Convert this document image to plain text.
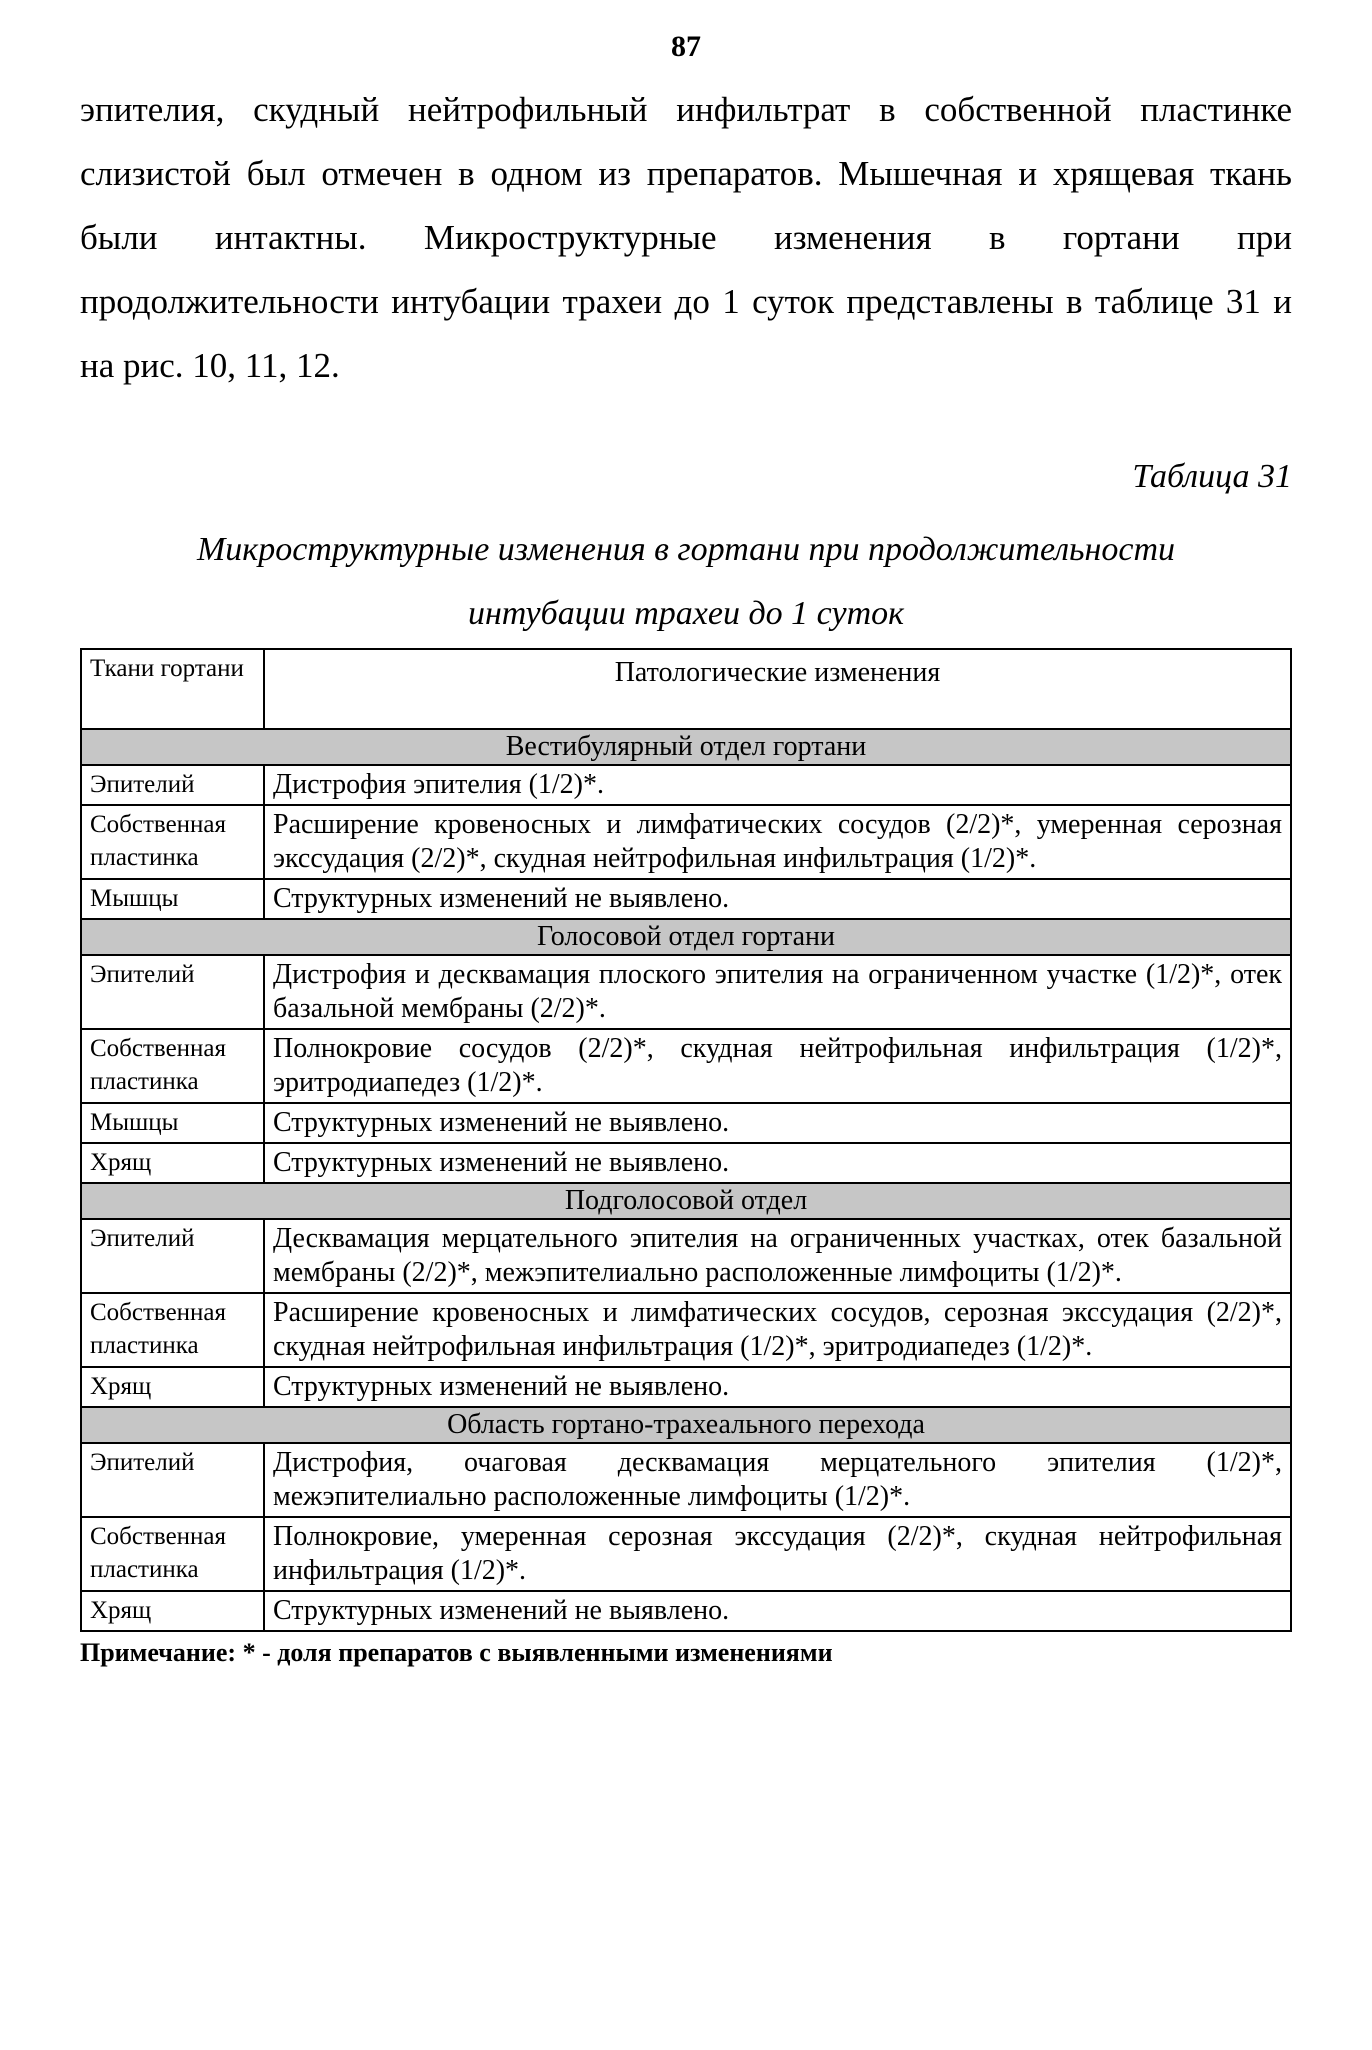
87
эпителия, скудный нейтрофильный инфильтрат в собственной пластинке слизистой был отмечен в одном из препаратов. Мышечная и хрящевая ткань были интактны. Микроструктурные изменения в гортани при продолжительности интубации трахеи до 1 суток представлены в таблице 31 и на рис. 10, 11, 12.
Таблица 31
Микроструктурные изменения в гортани при продолжительности
интубации трахеи до 1 суток
Ткани гортани	Патологические изменения
Вестибулярный отдел гортани	
Эпителий	Дистрофия эпителия (1/2)*.
Собственная пластинка	Расширение кровеносных и лимфатических сосудов (2/2)*, умеренная серозная экссудация (2/2)*, скудная нейтрофильная инфильтрация (1/2)*.
Мышцы	Структурных изменений не выявлено.
Голосовой отдел гортани	
Эпителий	Дистрофия и десквамация плоского эпителия на ограниченном участке (1/2)*, отек базальной мембраны (2/2)*.
Собственная пластинка	Полнокровие сосудов (2/2)*, скудная нейтрофильная инфильтрация (1/2)*, эритродиапедез (1/2)*.
Мышцы	Структурных изменений не выявлено.
Хрящ	Структурных изменений не выявлено.
Подголосовой отдел	
Эпителий	Десквамация мерцательного эпителия на ограниченных участках, отек базальной мембраны (2/2)*, межэпителиально расположенные лимфоциты (1/2)*.
Собственная пластинка	Расширение кровеносных и лимфатических сосудов, серозная экссудация (2/2)*, скудная нейтрофильная инфильтрация (1/2)*, эритродиапедез (1/2)*.
Хрящ	Структурных изменений не выявлено.
Область гортано-трахеального перехода	
Эпителий	Дистрофия, очаговая десквамация мерцательного эпителия (1/2)*, межэпителиально расположенные лимфоциты (1/2)*.
Собственная пластинка	Полнокровие, умеренная серозная экссудация (2/2)*, скудная нейтрофильная инфильтрация (1/2)*.
Хрящ	Структурных изменений не выявлено.
Примечание: * - доля препаратов с выявленными изменениями
